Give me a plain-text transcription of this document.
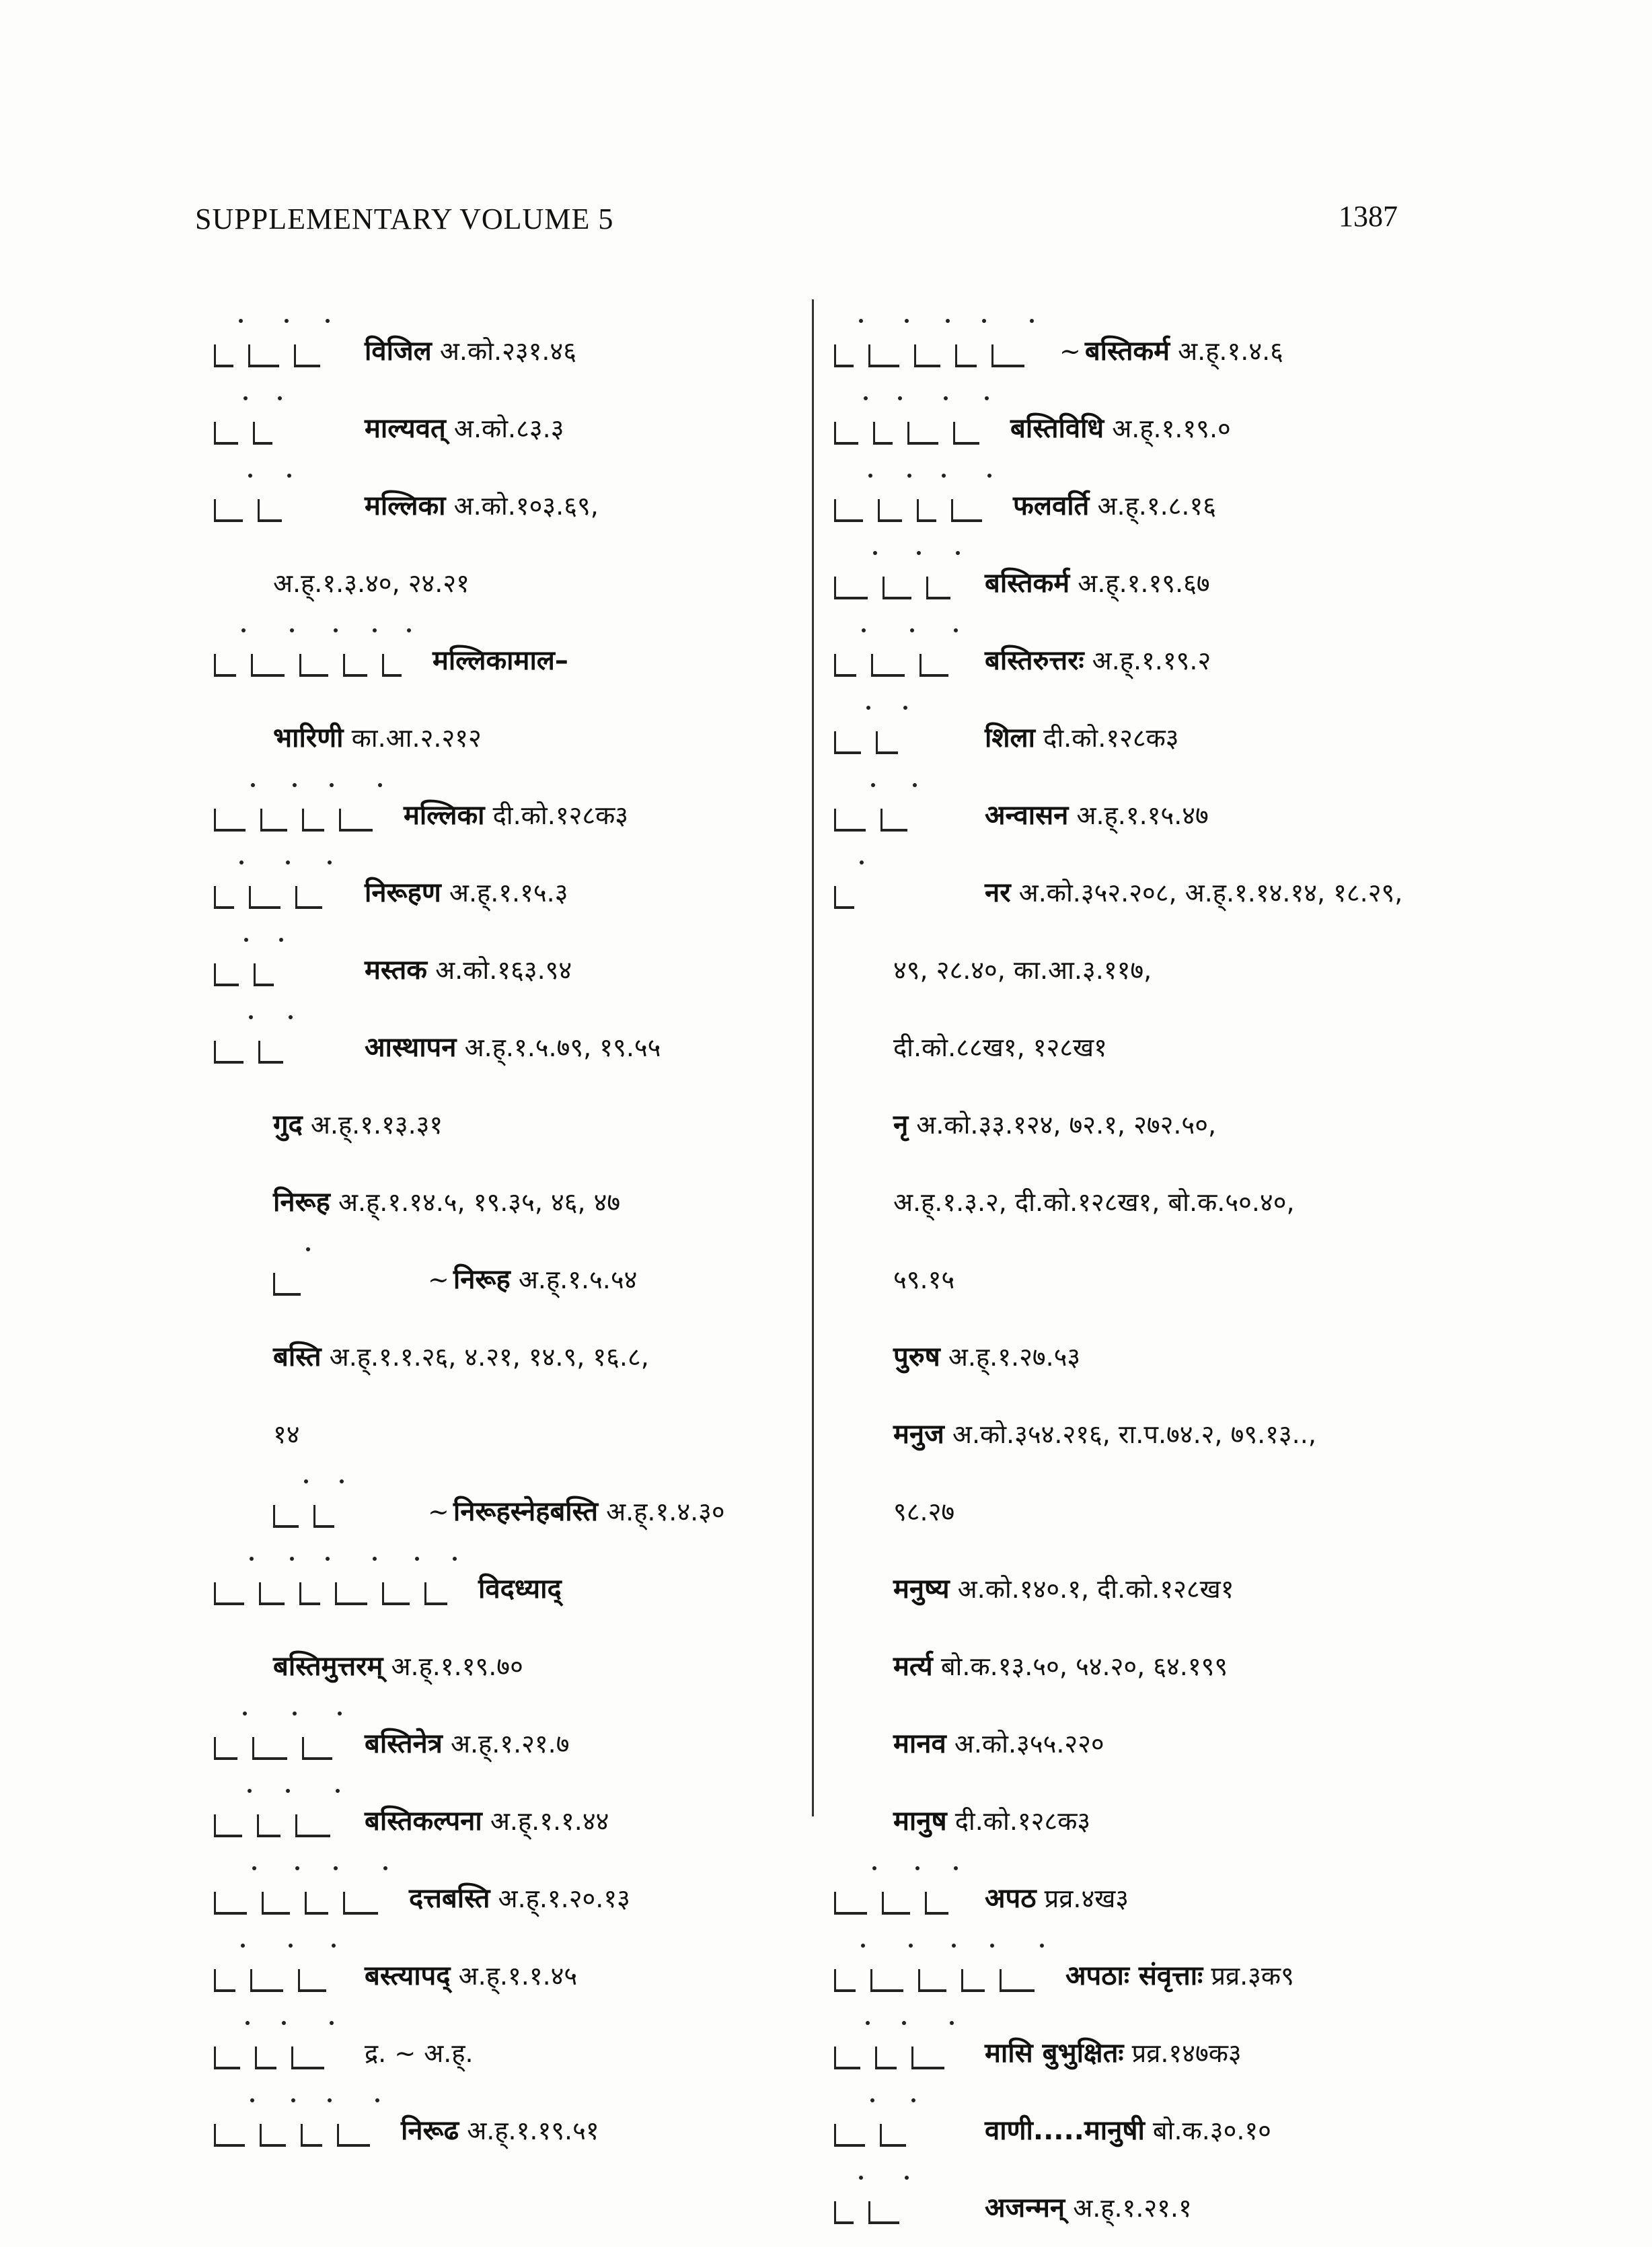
SUPPLEMENTARY VOLUME 5	1387
विजिल अ.को.२३१.४६
माल्यवत् अ.को.८३.३
मल्लिका अ.को.१०३.६९,
अ.ह्.१.३.४०, २४.२१
मल्लिकामाल–
भारिणी का.आ.२.२१२
मल्लिका दी.को.१२८क३
निरूहण अ.ह्.१.१५.३
मस्तक अ.को.१६३.९४
आस्थापन अ.ह्.१.५.७९, १९.५५
गुद अ.ह्.१.१३.३१
निरूह अ.ह्.१.१४.५, १९.३५, ४६, ४७
~ निरूह अ.ह्.१.५.५४
बस्ति अ.ह्.१.१.२६, ४.२१, १४.९, १६.८,
१४
~ निरूहस्नेहबस्ति अ.ह्.१.४.३०
विदध्याद्
बस्तिमुत्तरम् अ.ह्.१.१९.७०
बस्तिनेत्र अ.ह्.१.२१.७
बस्तिकल्पना अ.ह्.१.१.४४
दत्तबस्ति अ.ह्.१.२०.१३
बस्त्यापद् अ.ह्.१.१.४५
द्र. ~ अ.ह्.
निरूढ अ.ह्.१.१९.५१
~ बस्तिकर्म अ.ह्.१.४.६
बस्तिविधि अ.ह्.१.१९.०
फलवर्ति अ.ह्.१.८.१६
बस्तिकर्म अ.ह्.१.१९.६७
बस्तिरुत्तरः अ.ह्.१.१९.२
शिला दी.को.१२८क३
अन्वासन अ.ह्.१.१५.४७
नर अ.को.३५२.२०८, अ.ह्.१.१४.१४, १८.२९,
४९, २८.४०, का.आ.३.११७,
दी.को.८८ख१, १२८ख१
नृ अ.को.३३.१२४, ७२.१, २७२.५०,
अ.ह्.१.३.२, दी.को.१२८ख१, बो.क.५०.४०,
५९.१५
पुरुष अ.ह्.१.२७.५३
मनुज अ.को.३५४.२१६, रा.प.७४.२, ७९.१३..,
९८.२७
मनुष्य अ.को.१४०.१, दी.को.१२८ख१
मर्त्य बो.क.१३.५०, ५४.२०, ६४.१९९
मानव अ.को.३५५.२२०
मानुष दी.को.१२८क३
अपठ प्रव्र.४ख३
अपठाः संवृत्ताः प्रव्र.३क९
मासि बुभुक्षितः प्रव्र.१४७क३
वाणी.....मानुषी बो.क.३०.१०
अजन्मन् अ.ह्.१.२१.१
